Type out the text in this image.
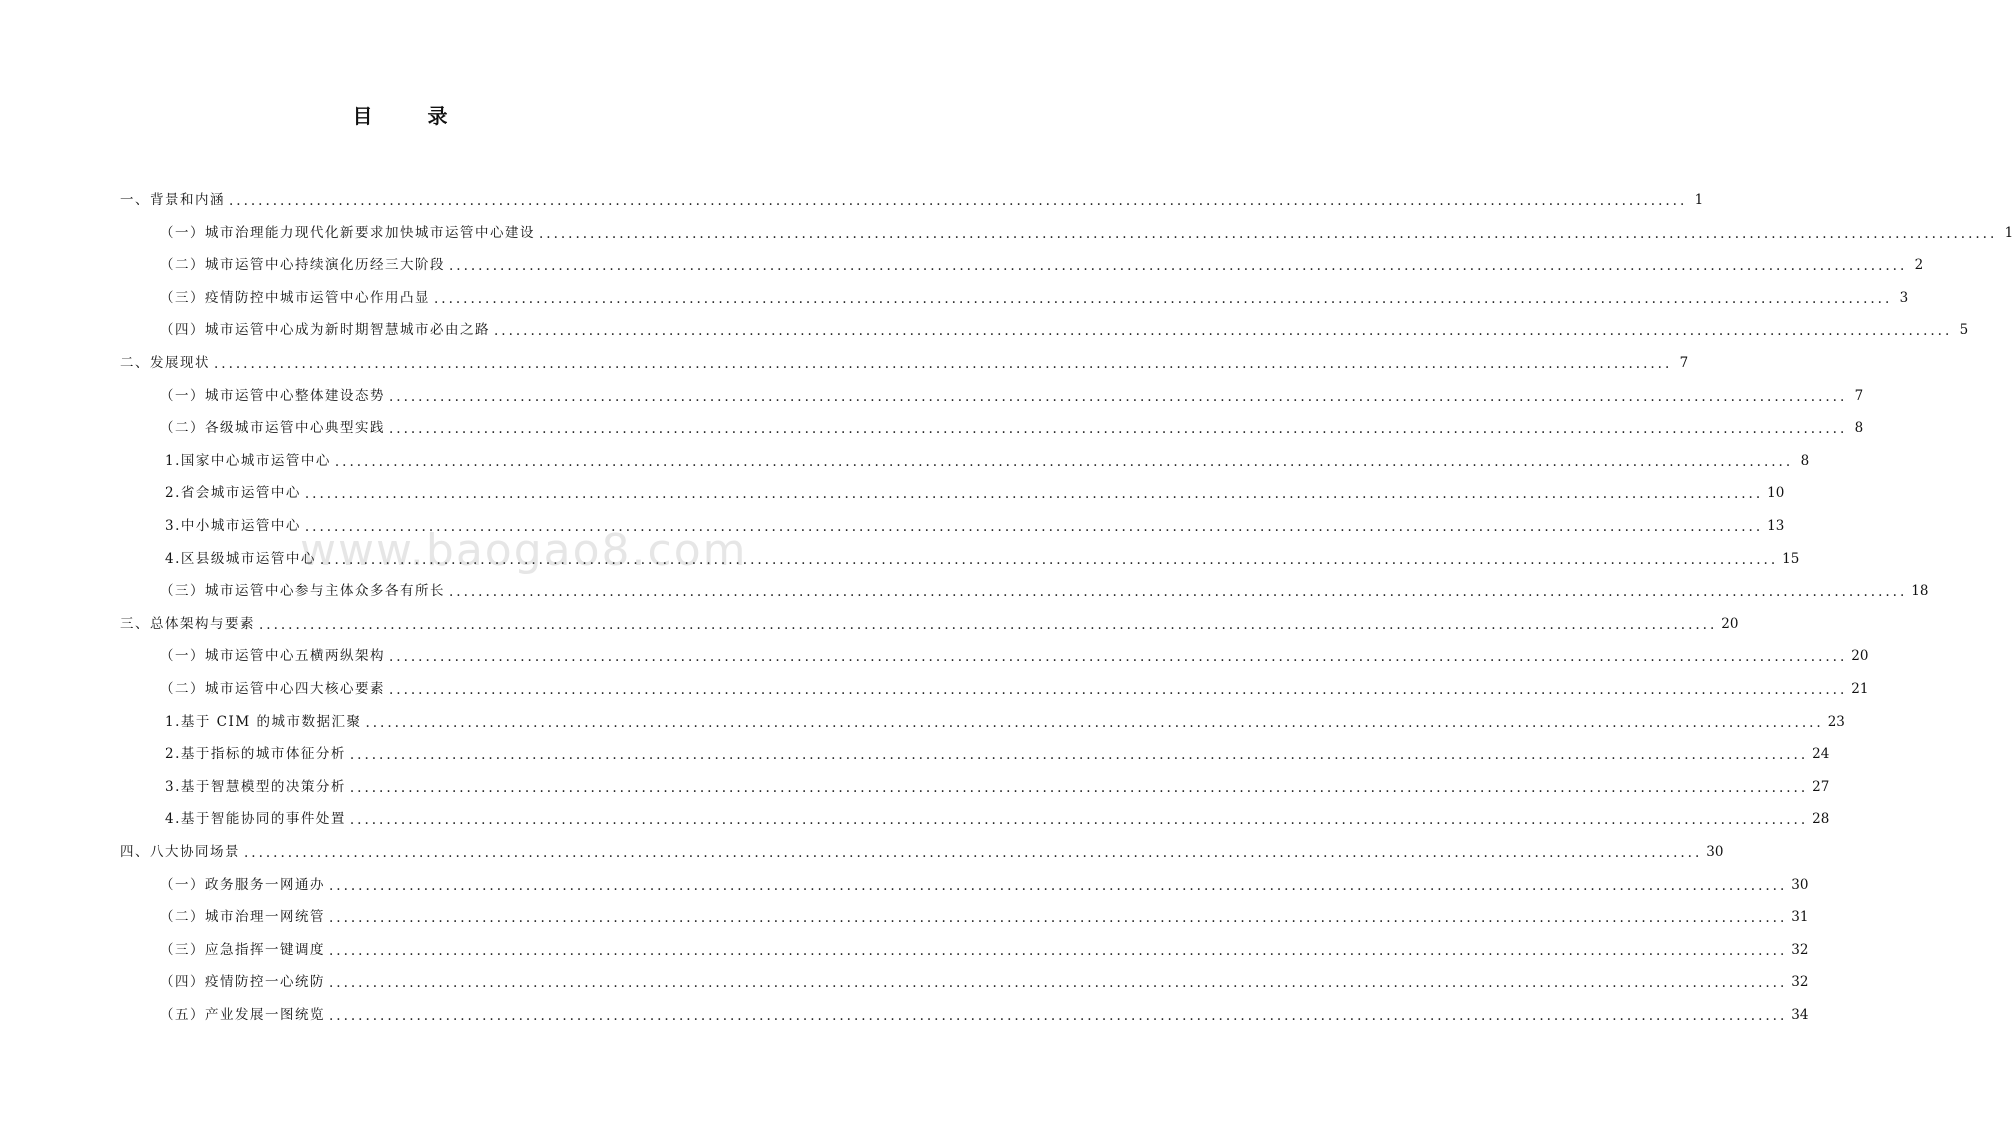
www.baogao8.com
目 录
一、背景和内涵 ........................................................................................................................................................................................................ 1
（一）城市治理能力现代化新要求加快城市运管中心建设 ........................................................................................................................................................................................................ 1
（二）城市运管中心持续演化历经三大阶段 ........................................................................................................................................................................................................ 2
（三）疫情防控中城市运管中心作用凸显 ........................................................................................................................................................................................................ 3
（四）城市运管中心成为新时期智慧城市必由之路 ........................................................................................................................................................................................................ 5
二、发展现状 ........................................................................................................................................................................................................ 7
（一）城市运管中心整体建设态势 ........................................................................................................................................................................................................ 7
（二）各级城市运管中心典型实践 ........................................................................................................................................................................................................ 8
1.国家中心城市运管中心 ........................................................................................................................................................................................................ 8
2.省会城市运管中心 ........................................................................................................................................................................................................ 10
3.中小城市运管中心 ........................................................................................................................................................................................................ 13
4.区县级城市运管中心 ........................................................................................................................................................................................................ 15
（三）城市运管中心参与主体众多各有所长 ........................................................................................................................................................................................................ 18
三、总体架构与要素 ........................................................................................................................................................................................................ 20
（一）城市运管中心五横两纵架构 ........................................................................................................................................................................................................ 20
（二）城市运管中心四大核心要素 ........................................................................................................................................................................................................ 21
1.基于 CIM 的城市数据汇聚 ........................................................................................................................................................................................................ 23
2.基于指标的城市体征分析 ........................................................................................................................................................................................................ 24
3.基于智慧模型的决策分析 ........................................................................................................................................................................................................ 27
4.基于智能协同的事件处置 ........................................................................................................................................................................................................ 28
四、八大协同场景 ........................................................................................................................................................................................................ 30
（一）政务服务一网通办 ........................................................................................................................................................................................................ 30
（二）城市治理一网统管 ........................................................................................................................................................................................................ 31
（三）应急指挥一键调度 ........................................................................................................................................................................................................ 32
（四）疫情防控一心统防 ........................................................................................................................................................................................................ 32
（五）产业发展一图统览 ........................................................................................................................................................................................................ 34
